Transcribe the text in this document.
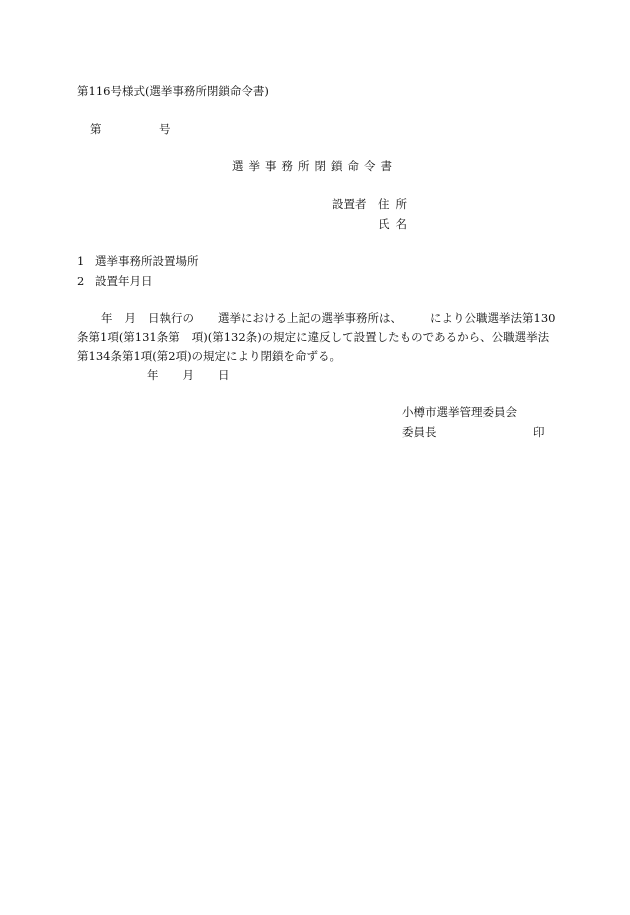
第116号様式(選挙事務所閉鎖命令書)
第	号
選挙事務所閉鎖命令書
設置者 住所
氏名
1 選挙事務所設置場所
2 設置年月日
年 月 日執行の 選挙における上記の選挙事務所は、 により公職選挙法第130
条第1項(第131条第 項)(第132条)の規定に違反して設置したものであるから、公職選挙法
第134条第1項(第2項)の規定により閉鎖を命ずる。
年 月 日
小樽市選挙管理委員会
委員長	印
